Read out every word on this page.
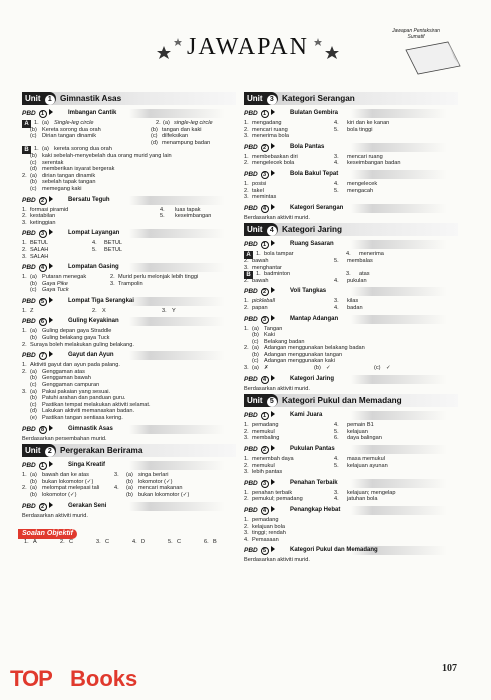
JAWAPAN
Jawapan Pentaksiran Sumatif
Unit 1	Gimnastik Asas
PBD 1	Imbangan Cantik
A 1. (a) Single-leg circle	2. (a) single-leg circle
(b) Kereta sorong dua orah	(b) tangan dan kaki
(c) Dirian tangan dinamik	(c) dilfeksikan
(d) menampung badan
B 1. (a) kereta sorong dua orah
(b) kaki sebelah-menyebelah dua orang murid yang lain
(c) serentak
(d) memberikan isyarat bergerak
2. (a) dirian tangan dinamik
(b) sebelah tapak tangan
(c) memegang kaki
PBD 2	Bersatu Teguh
1. formasi piramid	4. luas tapak
2. kestabilan	5. keseimbangan
3. ketinggian
PBD 3	Lompat Layangan
1. BETUL	4. BETUL
2. SALAH	5. BETUL
3. SALAH
PBD 4	Lompatan Gasing
1. (a) Putaran menegak	2. Murid perlu melonjak lebih tinggi
(b) Gaya Pike	3. Trampolin
(c) Gaya Tuck
PBD 5	Lompat Tiga Serangkai
1. Z	2. X	3. Y
PBD 6	Guling Keyakinan
1. (a) Guling depan gaya Straddle
(b) Guling belakang gaya Tuck
2. Suraya boleh melakukan guling belakang.
PBD 7	Gayut dan Ayun
1. Aktiviti gayut dan ayun pada palang.
2. (a) Genggaman atas
(b) Genggaman bawah
(c) Genggaman campuran
3. (a) Pakai pakaian yang sesuai.
(b) Patuhi arahan dan panduan guru.
(c) Pastikan tempat melakukan aktiviti selamat.
(d) Lakukan aktiviti memanaskan badan.
(e) Pastikan tangan sentiasa kering.
PBD 8	Gimnastik Asas
Berdasarkan persembahan murid.
Unit 2	Pergerakan Berirama
PBD 1	Singa Kreatif
1. (a) bawah dan ke atas	3. (a) singa berlari
(b) bukan lokomotor (✓)	(b) lokomotor (✓)
2. (a) melompat melepasi tali	4. (a) mencari makanan
(b) lokomotor (✓)	(b) bukan lokomotor (✓)
PBD 2	Gerakan Seni
Berdasarkan aktiviti murid.
Soalan Objektif
1. A	2. C	3. C	4. D	5. C	6. B
Unit 3	Kategori Serangan
PBD 1	Bulatan Gembira
1. mengadang	4. kiri dan ke kanan
2. mencari ruang	5. bola tinggi
3. menerima bola
PBD 2	Bola Pantas
1. membebaskan diri	3. mencari ruang
2. mengelecek bola	4. keseimbangan badan
PBD 3	Bola Bakul Tepat
1. posisi	4. mengelecek
2. takel	5. mengacah
3. memintas
PBD 4	Kategori Serangan
Berdasarkan aktiviti murid.
Unit 4	Kategori Jaring
PBD 1	Ruang Sasaran
A 1. bola tampar	4. menerima
2. bawah	5. membalas
3. menghantar
B 1. badminton	3. atas
2. bawah	4. pukulan
PBD 2	Voli Tangkas
1. pickleball	3. kilas
2. papan	4. badan
PBD 3	Mantap Adangan
1. (a) Tangan
(b) Kaki
(c) Belakang badan
2. (a) Adangan menggunakan belakang badan
(b) Adangan menggunakan tangan
(c) Adangan menggunakan kaki
3. (a) ✗	(b) ✓	(c) ✓
PBD 4	Kategori Jaring
Berdasarkan aktiviti murid.
Unit 5	Kategori Pukul dan Memadang
PBD 1	Kami Juara
1. pemadang	4. pemain B1
2. memukul	5. kelajuan
3. membaling	6. daya balingan
PBD 2	Pukulan Pantas
1. menembah daya	4. masa memukul
2. memukul	5. kelajuan ayunan
3. lebih pantas
PBD 3	Penahan Terbaik
1. penahan terbaik	3. kelajuan; mengelap
2. pemukul; pemadang	4. jatuhan bola
PBD 4	Penangkap Hebat
1. pemadang
2. kelajuan bola
3. tinggi; rendah
4. Pemasaan
PBD 5	Kategori Pukul dan Memadang
Berdasarkan aktiviti murid.
TOP Books	107
